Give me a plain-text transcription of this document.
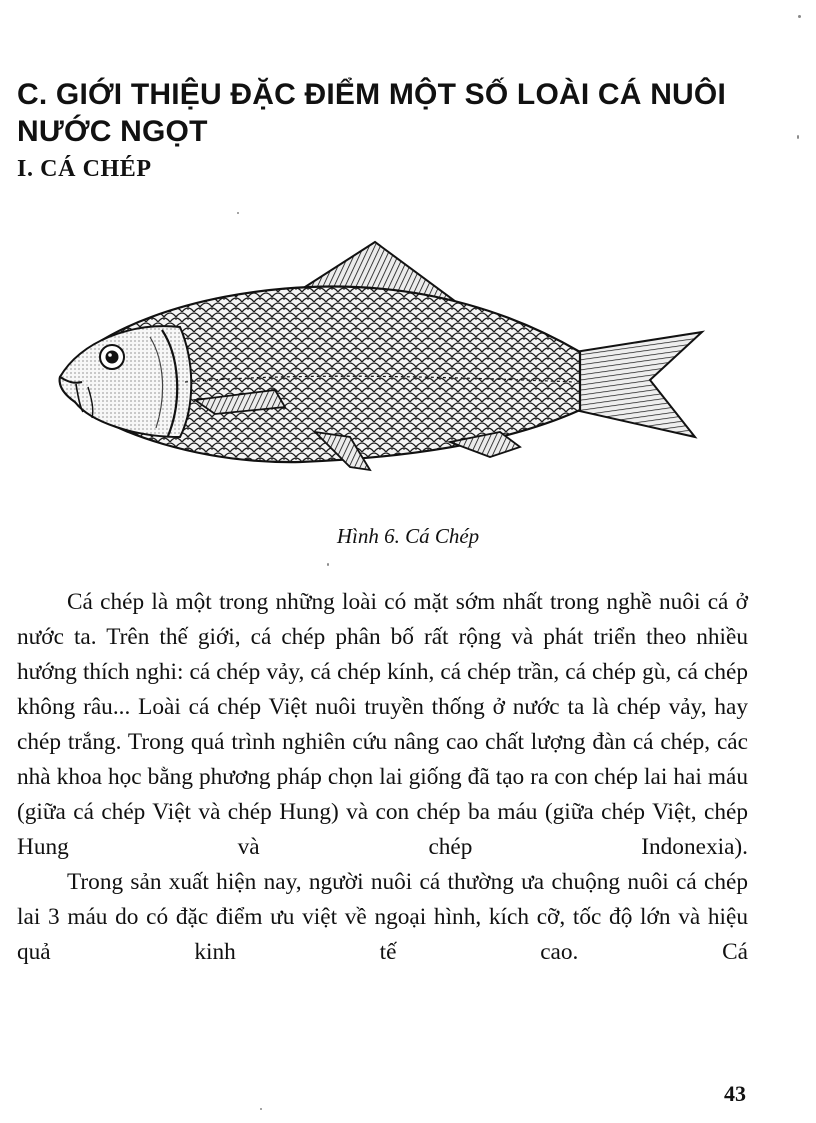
C. GIỚI THIỆU ĐẶC ĐIỂM MỘT SỐ LOÀI CÁ NUÔI NƯỚC NGỌT
I. CÁ CHÉP
Hình 6. Cá Chép

Cá chép là một trong những loài có mặt sớm nhất trong nghề nuôi cá ở nước ta. Trên thế giới, cá chép phân bố rất rộng và phát triển theo nhiều hướng thích nghi: cá chép vảy, cá chép kính, cá chép trần, cá chép gù, cá chép không râu... Loài cá chép Việt nuôi truyền thống ở nước ta là chép vảy, hay chép trắng. Trong quá trình nghiên cứu nâng cao chất lượng đàn cá chép, các nhà khoa học bằng phương pháp chọn lai giống đã tạo ra con chép lai hai máu (giữa cá chép Việt và chép Hung) và con chép ba máu (giữa chép Việt, chép Hung và chép Indonexia).

Trong sản xuất hiện nay, người nuôi cá thường ưa chuộng nuôi cá chép lai 3 máu do có đặc điểm ưu việt về ngoại hình, kích cỡ, tốc độ lớn và hiệu quả kinh tế cao. Cá

43
